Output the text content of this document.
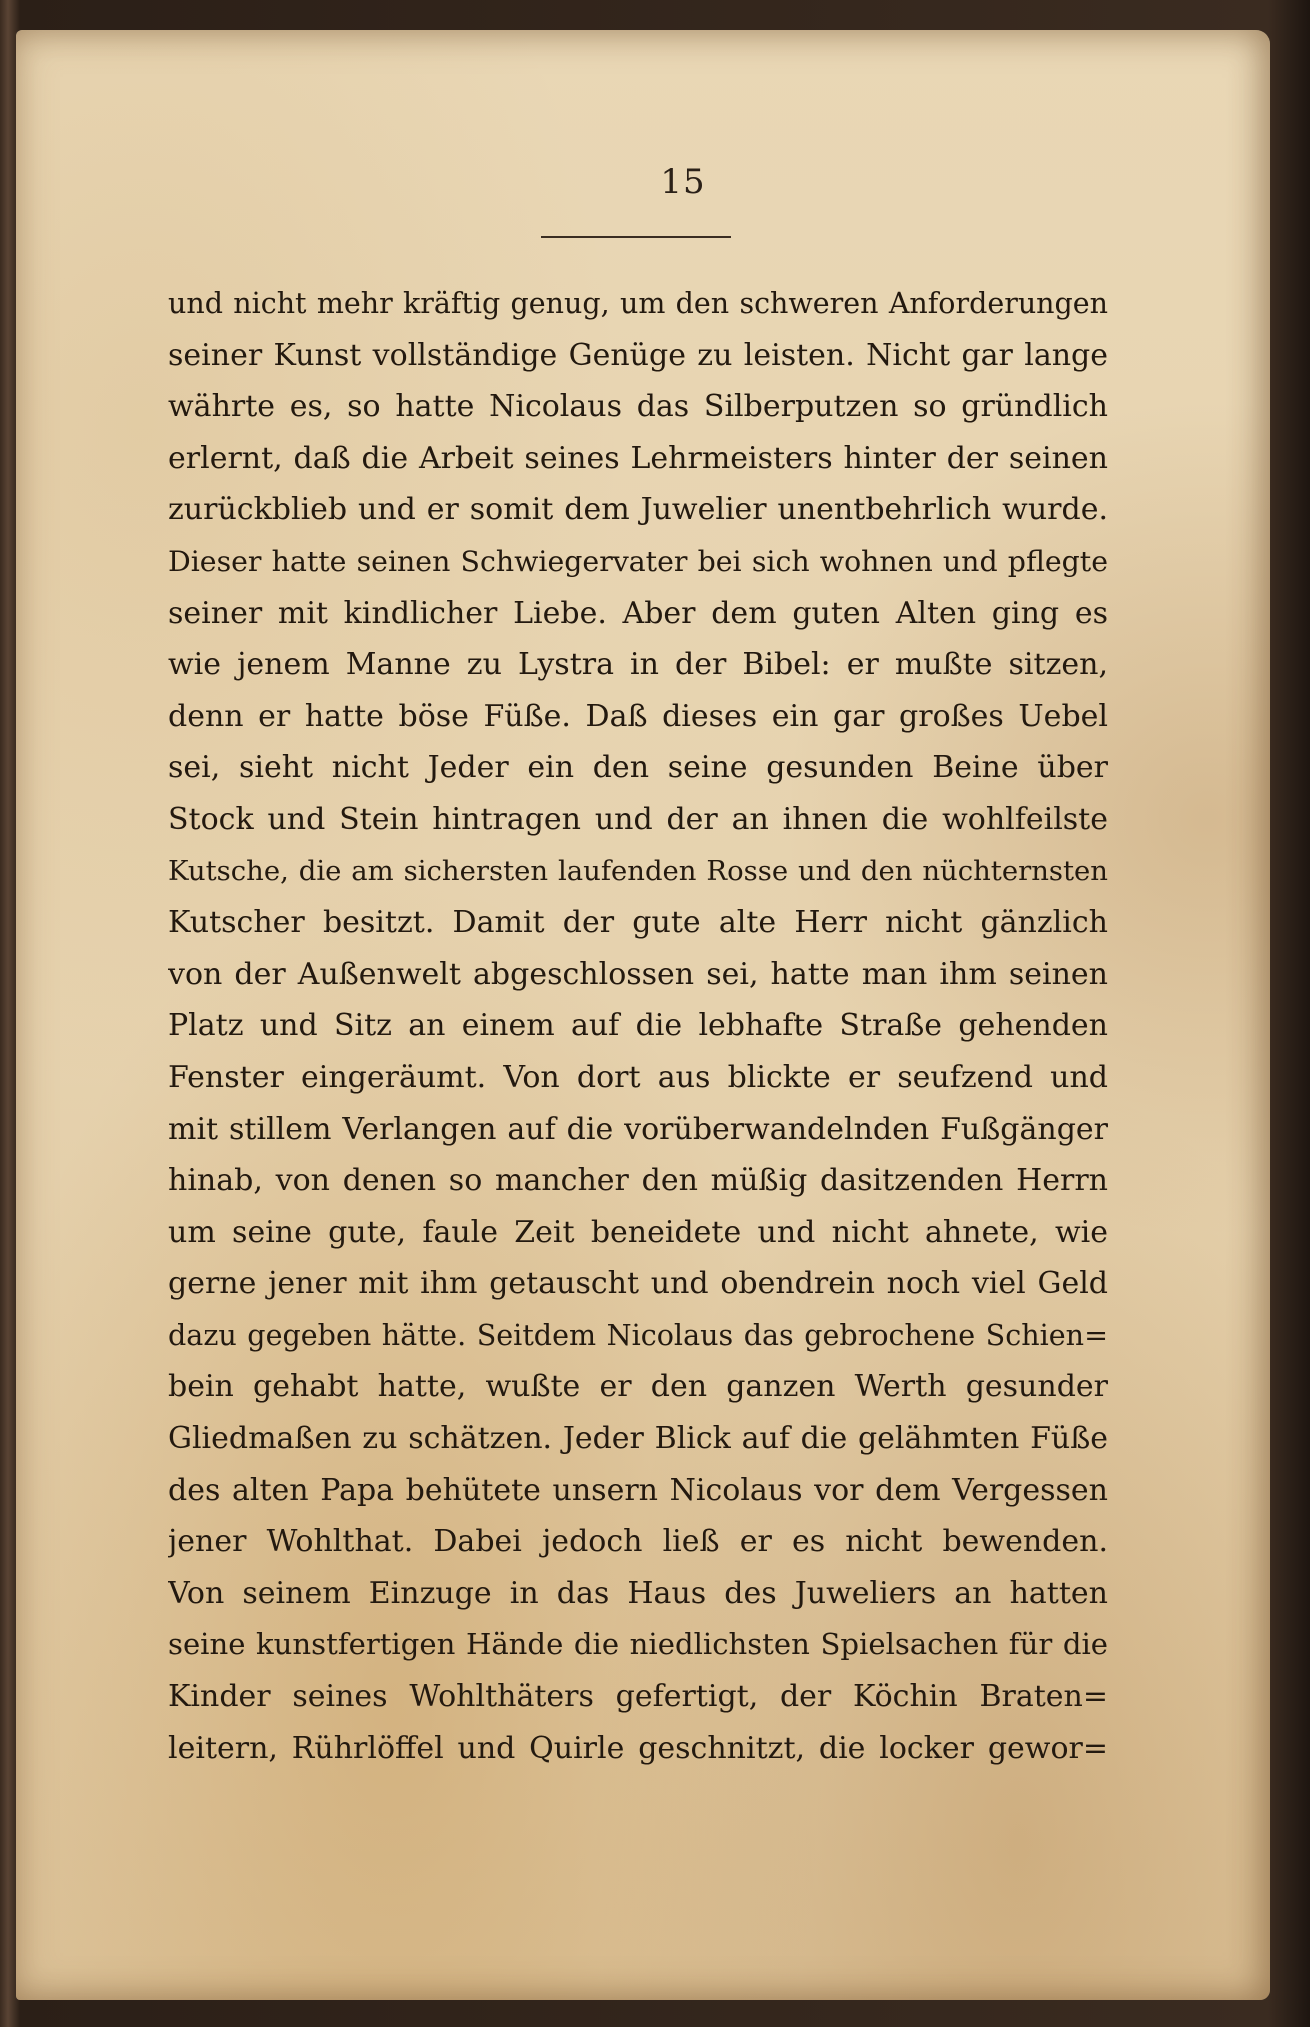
15
und nicht mehr kräftig genug, um den schweren Anforderungen
seiner Kunst vollständige Genüge zu leisten. Nicht gar lange
währte es, so hatte Nicolaus das Silberputzen so gründlich
erlernt, daß die Arbeit seines Lehrmeisters hinter der seinen
zurückblieb und er somit dem Juwelier unentbehrlich wurde.
Dieser hatte seinen Schwiegervater bei sich wohnen und pflegte
seiner mit kindlicher Liebe. Aber dem guten Alten ging es
wie jenem Manne zu Lystra in der Bibel: er mußte sitzen,
denn er hatte böse Füße. Daß dieses ein gar großes Uebel
sei, sieht nicht Jeder ein den seine gesunden Beine über
Stock und Stein hintragen und der an ihnen die wohlfeilste
Kutsche, die am sichersten laufenden Rosse und den nüchternsten
Kutscher besitzt. Damit der gute alte Herr nicht gänzlich
von der Außenwelt abgeschlossen sei, hatte man ihm seinen
Platz und Sitz an einem auf die lebhafte Straße gehenden
Fenster eingeräumt. Von dort aus blickte er seufzend und
mit stillem Verlangen auf die vorüberwandelnden Fußgänger
hinab, von denen so mancher den müßig dasitzenden Herrn
um seine gute, faule Zeit beneidete und nicht ahnete, wie
gerne jener mit ihm getauscht und obendrein noch viel Geld
dazu gegeben hätte. Seitdem Nicolaus das gebrochene Schien=
bein gehabt hatte, wußte er den ganzen Werth gesunder
Gliedmaßen zu schätzen. Jeder Blick auf die gelähmten Füße
des alten Papa behütete unsern Nicolaus vor dem Vergessen
jener Wohlthat. Dabei jedoch ließ er es nicht bewenden.
Von seinem Einzuge in das Haus des Juweliers an hatten
seine kunstfertigen Hände die niedlichsten Spielsachen für die
Kinder seines Wohlthäters gefertigt, der Köchin Braten=
leitern, Rührlöffel und Quirle geschnitzt, die locker gewor=
